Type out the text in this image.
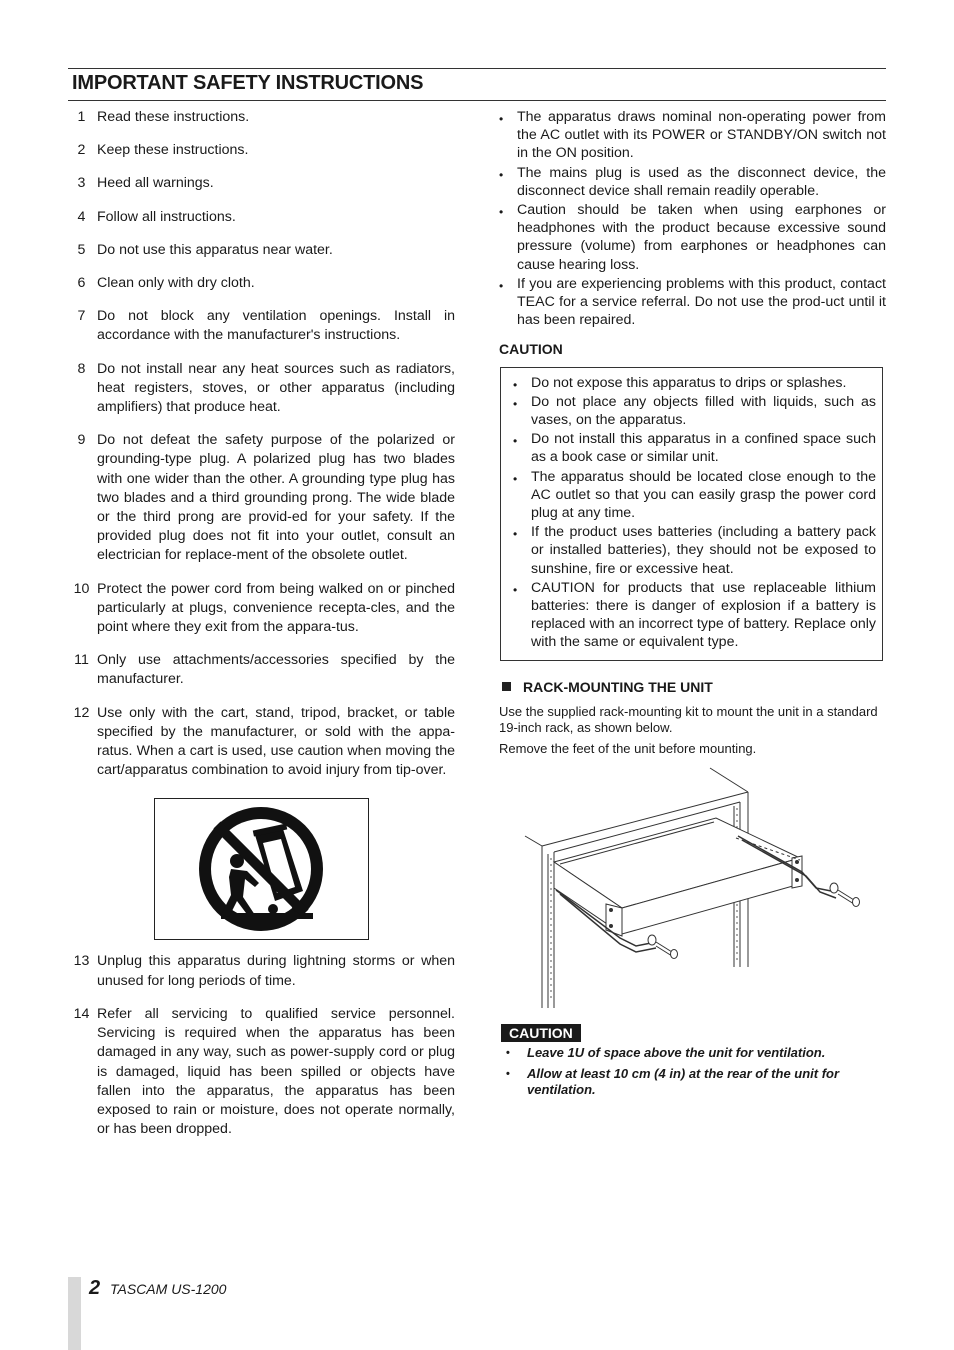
IMPORTANT SAFETY INSTRUCTIONS
1 Read these instructions.
2 Keep these instructions.
3 Heed all warnings.
4 Follow all instructions.
5 Do not use this apparatus near water.
6 Clean only with dry cloth.
7 Do not block any ventilation openings. Install in accordance with the manufacturer's instructions.
8 Do not install near any heat sources such as radiators, heat registers, stoves, or other apparatus (including amplifiers) that produce heat.
9 Do not defeat the safety purpose of the polarized or grounding-type plug. A polarized plug has two blades with one wider than the other. A grounding type plug has two blades and a third grounding prong. The wide blade or the third prong are provid-ed for your safety. If the provided plug does not fit into your outlet, consult an electrician for replace-ment of the obsolete outlet.
10 Protect the power cord from being walked on or pinched particularly at plugs, convenience recepta-cles, and the point where they exit from the appara-tus.
11 Only use attachments/accessories specified by the manufacturer.
12 Use only with the cart, stand, tripod, bracket, or table specified by the manufacturer, or sold with the appa-ratus. When a cart is used, use caution when moving the cart/apparatus combination to avoid injury from tip-over.
13 Unplug this apparatus during lightning storms or when unused for long periods of time.
14 Refer all servicing to qualified service personnel. Servicing is required when the apparatus has been damaged in any way, such as power-supply cord or plug is damaged, liquid has been spilled or objects have fallen into the apparatus, the apparatus has been exposed to rain or moisture, does not operate normally, or has been dropped.
• The apparatus draws nominal non-operating power from the AC outlet with its POWER or STANDBY/ON switch not in the ON position.
• The mains plug is used as the disconnect device, the disconnect device shall remain readily operable.
• Caution should be taken when using earphones or headphones with the product because excessive sound pressure (volume) from earphones or headphones can cause hearing loss.
• If you are experiencing problems with this product, contact TEAC for a service referral. Do not use the prod-uct until it has been repaired.
CAUTION
• Do not expose this apparatus to drips or splashes.
• Do not place any objects filled with liquids, such as vases, on the apparatus.
• Do not install this apparatus in a confined space such as a book case or similar unit.
• The apparatus should be located close enough to the AC outlet so that you can easily grasp the power cord plug at any time.
• If the product uses batteries (including a battery pack or installed batteries), they should not be exposed to sunshine, fire or excessive heat.
• CAUTION for products that use replaceable lithium batteries: there is danger of explosion if a battery is replaced with an incorrect type of battery. Replace only with the same or equivalent type.
RACK-MOUNTING THE UNIT

Use the supplied rack-mounting kit to mount the unit in a standard 19-inch rack, as shown below.

Remove the feet of the unit before mounting.

CAUTION
•	Leave 1U of space above the unit for ventilation.
•	Allow at least 10 cm (4 in) at the rear of the unit for ventilation.
2 TASCAM US-1200
